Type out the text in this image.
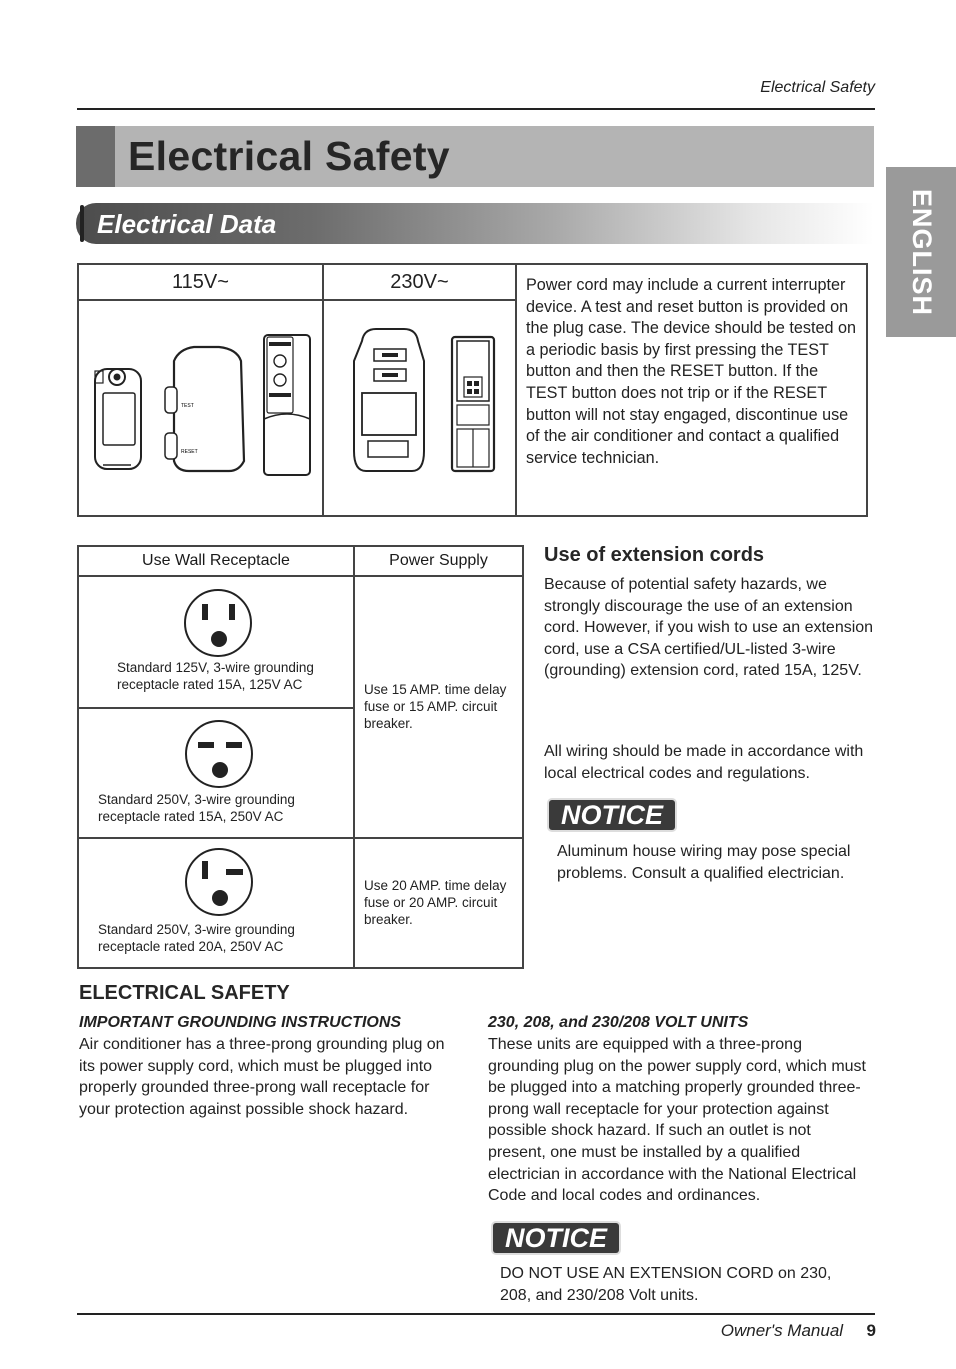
Electrical Safety
Electrical Safety
Electrical Data	ENGLISH
115V~	230V~	Power cord may include a current interrupter device. A test and reset button is provided on the plug case. The device should be tested on a periodic basis by first pressing the TEST button and then the RESET button. If the TEST button does not trip or if the RESET button will not stay engaged, discontinue use of the air conditioner and contact a qualified service technician.

TEST
RESET

Use Wall Receptacle	Power Supply

Standard 125V, 3-wire grounding
receptacle rated 15A, 125V AC	Use 15 AMP. time delay fuse or 15 AMP. circuit breaker.

Standard 250V, 3-wire grounding
receptacle rated 15A, 250V AC	

Standard 250V, 3-wire grounding
receptacle rated 20A, 250V AC	Use 20 AMP. time delay fuse or 20 AMP. circuit breaker.
Use of extension cords
Because of potential safety hazards, we strongly discourage the use of an extension cord. However, if you wish to use an extension cord, use a CSA certified/UL-listed 3-wire (grounding) extension cord, rated 15A, 125V.
All wiring should be made in accordance with local electrical codes and regulations.
NOTICE
Aluminum house wiring may pose special problems. Consult a qualified electrician.
ELECTRICAL SAFETY
IMPORTANT GROUNDING INSTRUCTIONS
Air conditioner has a three-prong grounding plug on its power supply cord, which must be plugged into properly grounded three-prong wall receptacle for your protection against possible shock hazard.
230, 208, and 230/208 VOLT UNITS
These units are equipped with a three-prong grounding plug on the power supply cord, which must be plugged into a matching properly grounded three-prong wall receptacle for your protection against possible shock hazard. If such an outlet is not present, one must be installed by a qualified electrician in accordance with the National Electrical Code and local codes and ordinances.
NOTICE
DO NOT USE AN EXTENSION CORD on 230, 208, and 230/208 Volt units.
Owner's Manual 9
